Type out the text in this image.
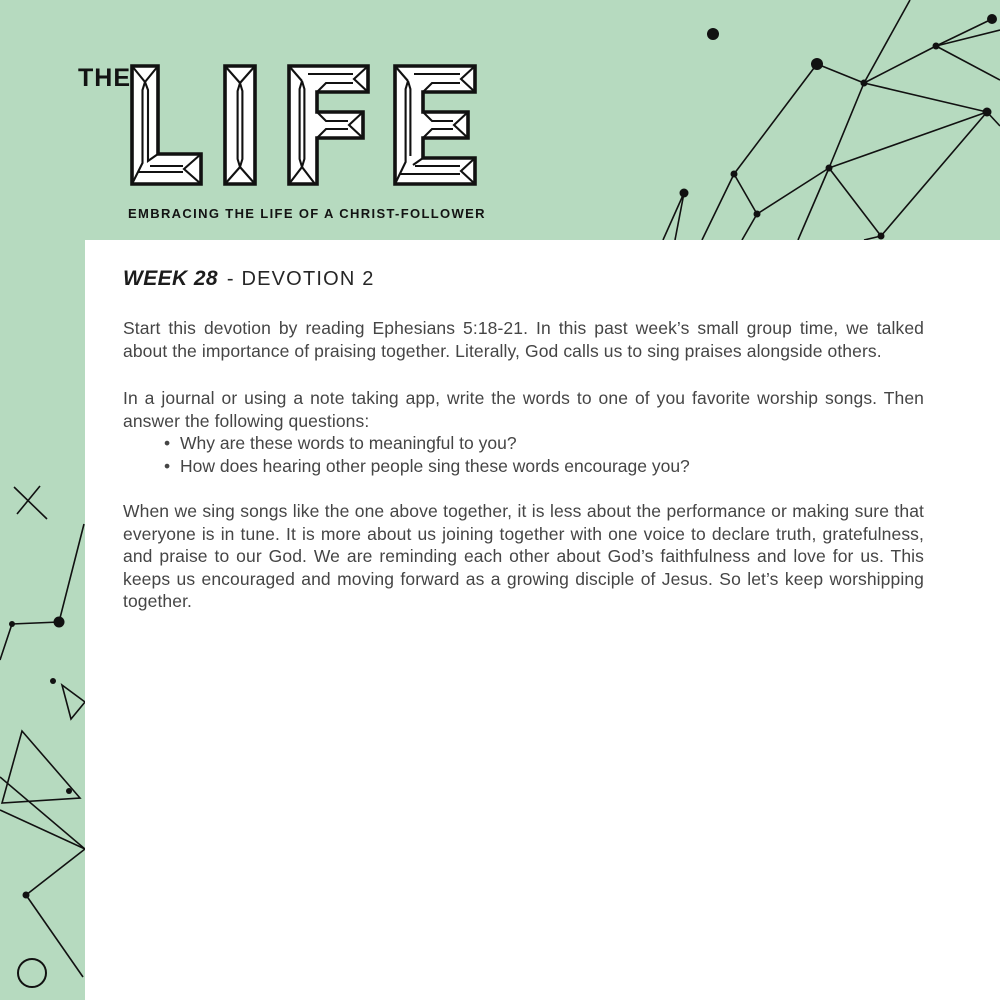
THE
EMBRACING THE LIFE OF A CHRIST-FOLLOWER
WEEK 28 - DEVOTION 2

Start this devotion by reading Ephesians 5:18-21. In this past week’s small group time, we talked about the importance of praising together. Literally, God calls us to sing praises alongside others.

In a journal or using a note taking app, write the words to one of you favorite worship songs. Then answer the following questions:

• Why are these words to meaningful to you?
• How does hearing other people sing these words encourage you?

When we sing songs like the one above together, it is less about the performance or making sure that everyone is in tune. It is more about us joining together with one voice to declare truth, gratefulness, and praise to our God. We are reminding each other about God’s faithfulness and love for us. This keeps us encouraged and moving forward as a growing disciple of Jesus. So let’s keep worshipping together.
